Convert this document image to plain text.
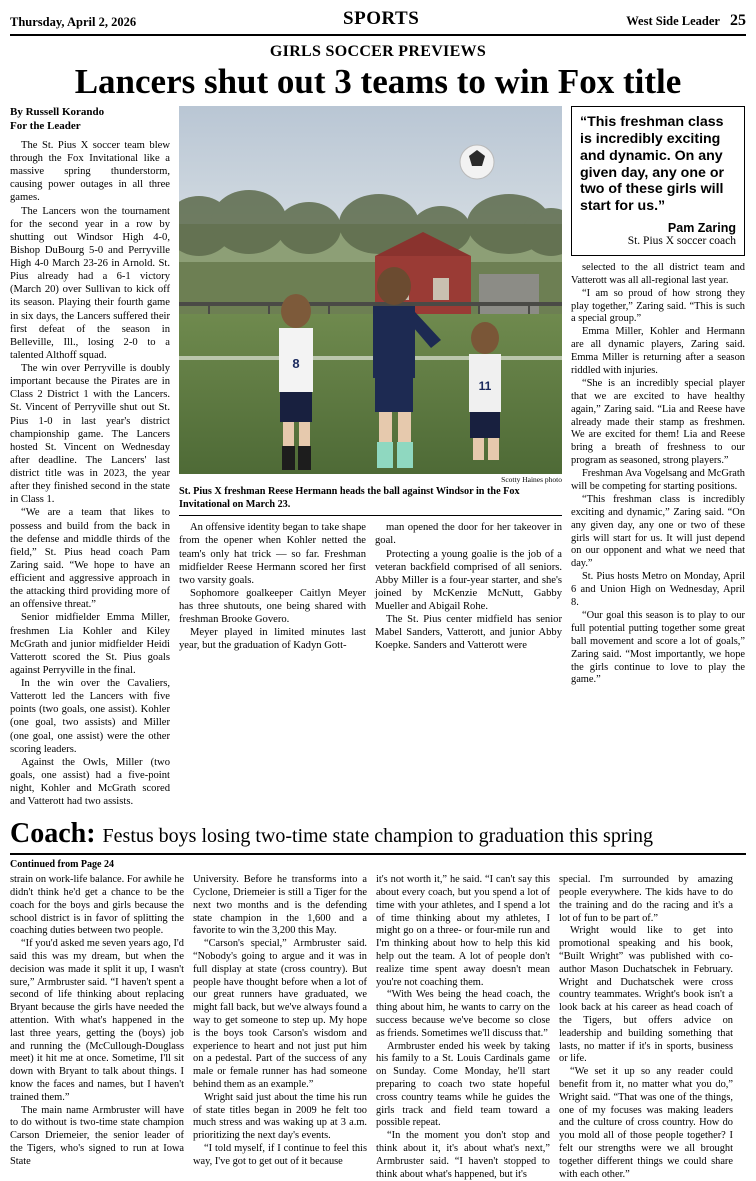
Thursday, April 2, 2026	SPORTS	West Side Leader 25
GIRLS SOCCER PREVIEWS
Lancers shut out 3 teams to win Fox title
By Russell Korando
For the Leader

The St. Pius X soccer team blew through the Fox Invitational like a massive spring thunderstorm, causing power outages in all three games.

The Lancers won the tournament for the second year in a row by shutting out Windsor High 4-0, Bishop DuBourg 5-0 and Perryville High 4-0 March 23-26 in Arnold. St. Pius already had a 6-1 victory (March 20) over Sullivan to kick off its season. Playing their fourth game in six days, the Lancers suffered their first defeat of the season in Belleville, Ill., losing 2-0 to a talented Althoff squad.

The win over Perryville is doubly important because the Pirates are in Class 2 District 1 with the Lancers. St. Vincent of Perryville shut out St. Pius 1-0 in last year's district championship game. The Lancers hosted St. Vincent on Wednesday after deadline. The Lancers' last district title was in 2023, the year after they finished second in the state in Class 1.

“We are a team that likes to possess and build from the back in the defense and middle thirds of the field,” St. Pius head coach Pam Zaring said. “We hope to have an efficient and aggressive approach in the attacking third providing more of an offensive threat.”

Senior midfielder Emma Miller, freshmen Lia Kohler and Kiley McGrath and junior midfielder Heidi Vatterott scored the St. Pius goals against Perryville in the final.

In the win over the Cavaliers, Vatterott led the Lancers with five points (two goals, one assist). Kohler (one goal, two assists) and Miller (one goal, one assist) were the other scoring leaders.

Against the Owls, Miller (two goals, one assist) had a five-point night, Kohler and McGrath scored and Vatterott had two assists.

8
11
Scotty Haines photo
St. Pius X freshman Reese Hermann heads the ball against Windsor in the Fox Invitational on March 23.

An offensive identity began to take shape from the opener when Kohler netted the team's only hat trick — so far. Freshman midfielder Reese Hermann scored her first two varsity goals.

Sophomore goalkeeper Caitlyn Meyer has three shutouts, one being shared with freshman Brooke Govero.

Meyer played in limited minutes last year, but the graduation of Kadyn Gott-

man opened the door for her takeover in goal.

Protecting a young goalie is the job of a veteran backfield comprised of all seniors. Abby Miller is a four-year starter, and she's joined by McKenzie McNutt, Gabby Mueller and Abigail Rohe.

The St. Pius center midfield has senior Mabel Sanders, Vatterott, and junior Abby Koepke. Sanders and Vatterott were

“This freshman class is incredibly exciting and dynamic. On any given day, any one or two of these girls will start for us.”
Pam Zaring
St. Pius X soccer coach

selected to the all district team and Vatterott was all all-regional last year.

“I am so proud of how strong they play together,” Zaring said. “This is such a special group.”

Emma Miller, Kohler and Hermann are all dynamic players, Zaring said. Emma Miller is returning after a season riddled with injuries.

“She is an incredibly special player that we are excited to have healthy again,” Zaring said. “Lia and Reese have already made their stamp as freshmen. We are excited for them! Lia and Reese bring a breath of freshness to our program as seasoned, strong players.”

Freshman Ava Vogelsang and McGrath will be competing for starting positions.

“This freshman class is incredibly exciting and dynamic,” Zaring said. “On any given day, any one or two of these girls will start for us. It will just depend on our opponent and what we need that day.”

St. Pius hosts Metro on Monday, April 6 and Union High on Wednesday, April 8.

“Our goal this season is to play to our full potential putting together some great ball movement and score a lot of goals,” Zaring said. “Most importantly, we hope the girls continue to love to play the game.”

Coach: Festus boys losing two-time state champion to graduation this spring
Continued from Page 24

strain on work-life balance. For awhile he didn't think he'd get a chance to be the coach for the boys and girls because the school district is in favor of splitting the coaching duties between two people.

“If you'd asked me seven years ago, I'd said this was my dream, but when the decision was made it split it up, I wasn't sure,” Armbruster said. “I haven't spent a second of life thinking about replacing Bryant because the girls have needed the attention. With what's happened in the last three years, getting the (boys) job and running the (McCullough-Douglass meet) it hit me at once. Sometime, I'll sit down with Bryant to talk about things. I know the faces and names, but I haven't trained them.”

The main name Armbruster will have to do without is two-time state champion Carson Driemeier, the senior leader of the Tigers, who's signed to run at Iowa State

University. Before he transforms into a Cyclone, Driemeier is still a Tiger for the next two months and is the defending state champion in the 1,600 and a favorite to win the 3,200 this May.

“Carson's special,” Armbruster said. “Nobody's going to argue and it was in full display at state (cross country). But people have thought before when a lot of our great runners have graduated, we might fall back, but we've always found a way to get someone to step up. My hope is the boys took Carson's wisdom and experience to heart and not just put him on a pedestal. Part of the success of any male or female runner has had someone behind them as an example.”

Wright said just about the time his run of state titles began in 2009 he felt too much stress and was waking up at 3 a.m. prioritizing the next day's events.

“I told myself, if I continue to feel this way, I've got to get out of it because

it's not worth it,” he said. “I can't say this about every coach, but you spend a lot of time with your athletes, and I spend a lot of time thinking about my athletes, I might go on a three- or four-mile run and I'm thinking about how to help this kid help out the team. A lot of people don't realize time spent away doesn't mean you're not coaching them.

“With Wes being the head coach, the thing about him, he wants to carry on the success because we've become so close as friends. Sometimes we'll discuss that.”

Armbruster ended his week by taking his family to a St. Louis Cardinals game on Sunday. Come Monday, he'll start preparing to coach two state hopeful cross country teams while he guides the girls track and field team toward a possible repeat.

“In the moment you don't stop and think about it, it's about what's next,” Armbruster said. “I haven't stopped to think about what's happened, but it's

special. I'm surrounded by amazing people everywhere. The kids have to do the training and do the racing and it's a lot of fun to be part of.”

Wright would like to get into promotional speaking and his book, “Built Wright” was published with co-author Mason Duchatschek in February. Wright and Duchatschek were cross country teammates. Wright's book isn't a look back at his career as head coach of the Tigers, but offers advice on leadership and building something that lasts, no matter if it's in sports, business or life.

“We set it up so any reader could benefit from it, no matter what you do,” Wright said. “That was one of the things, one of my focuses was making leaders and the culture of cross country. How do you mold all of those people together? I felt our strengths were we all brought together different things we could share with each other.”
